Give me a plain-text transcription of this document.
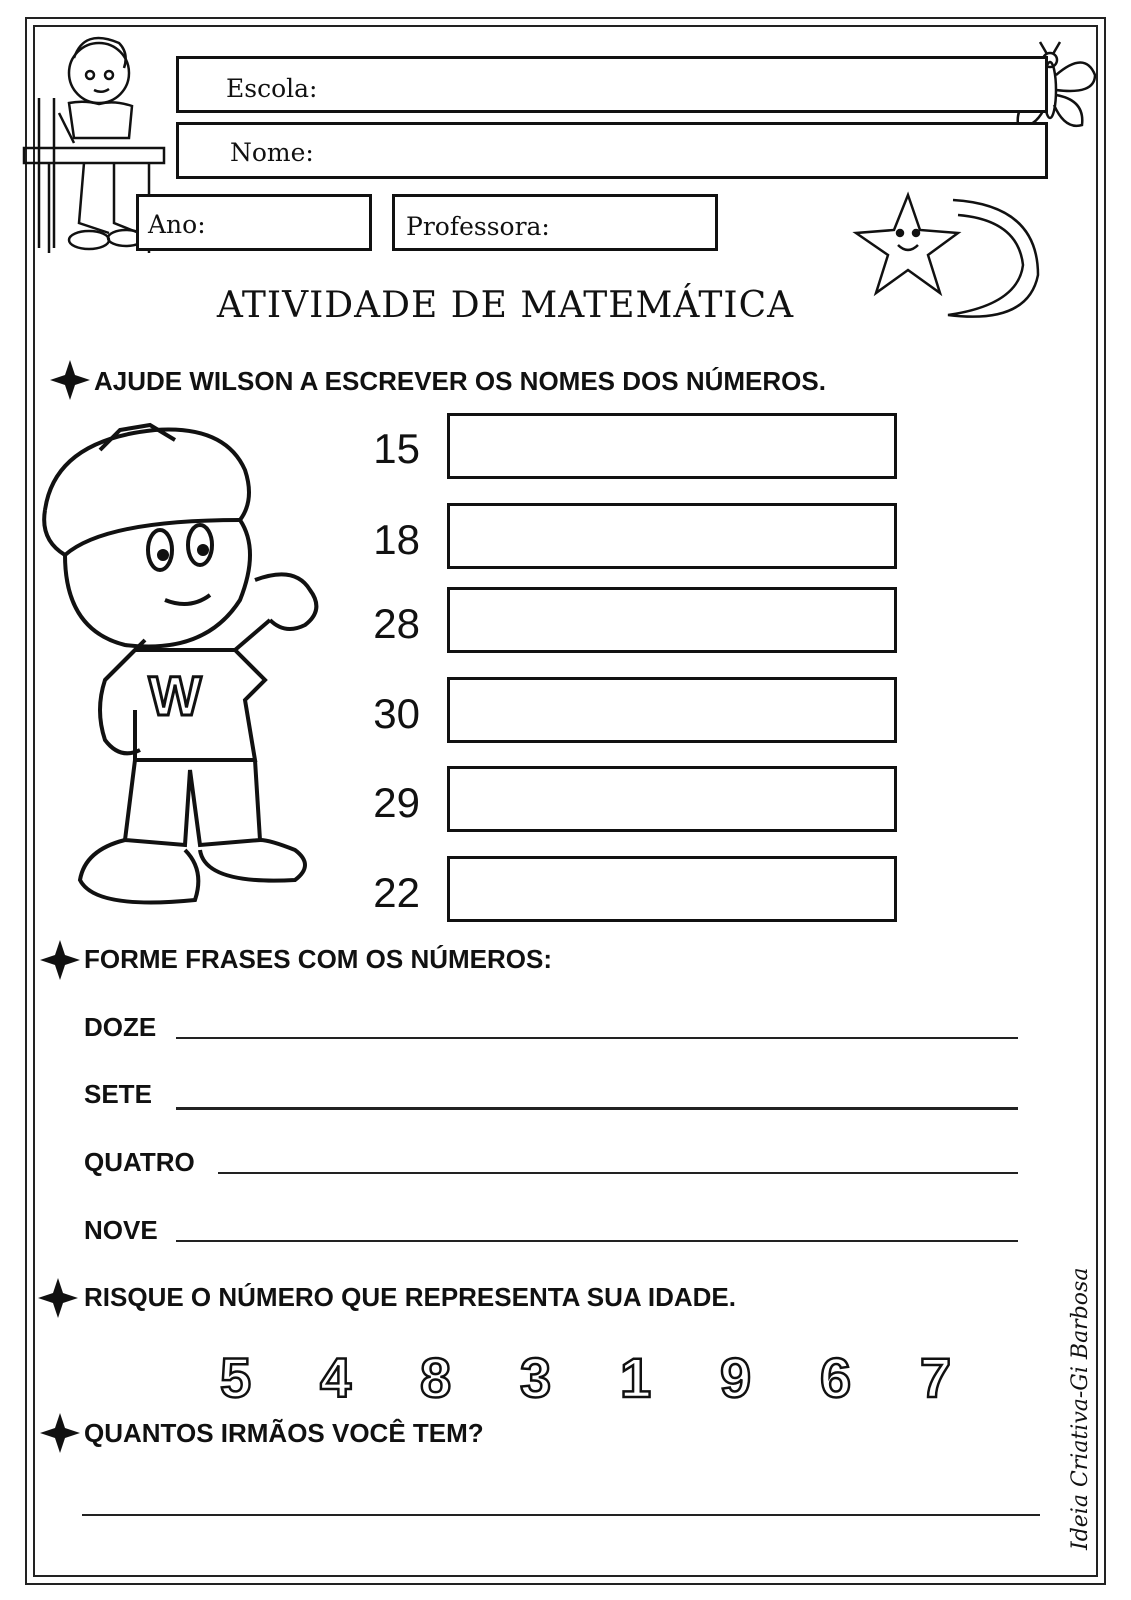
Escola:
Nome:
Ano:	Professora:
ATIVIDADE DE MATEMÁTICA
AJUDE WILSON A ESCREVER OS NOMES DOS NÚMEROS.
W
15
18
28
30
29
22
FORME FRASES COM OS NÚMEROS:
DOZE
SETE
QUATRO
NOVE
RISQUE O NÚMERO QUE REPRESENTA SUA IDADE.
5 4 8 3 1 9 6 7
QUANTOS IRMÃOS VOCÊ TEM?	Ideia Criativa-Gi Barbosa
